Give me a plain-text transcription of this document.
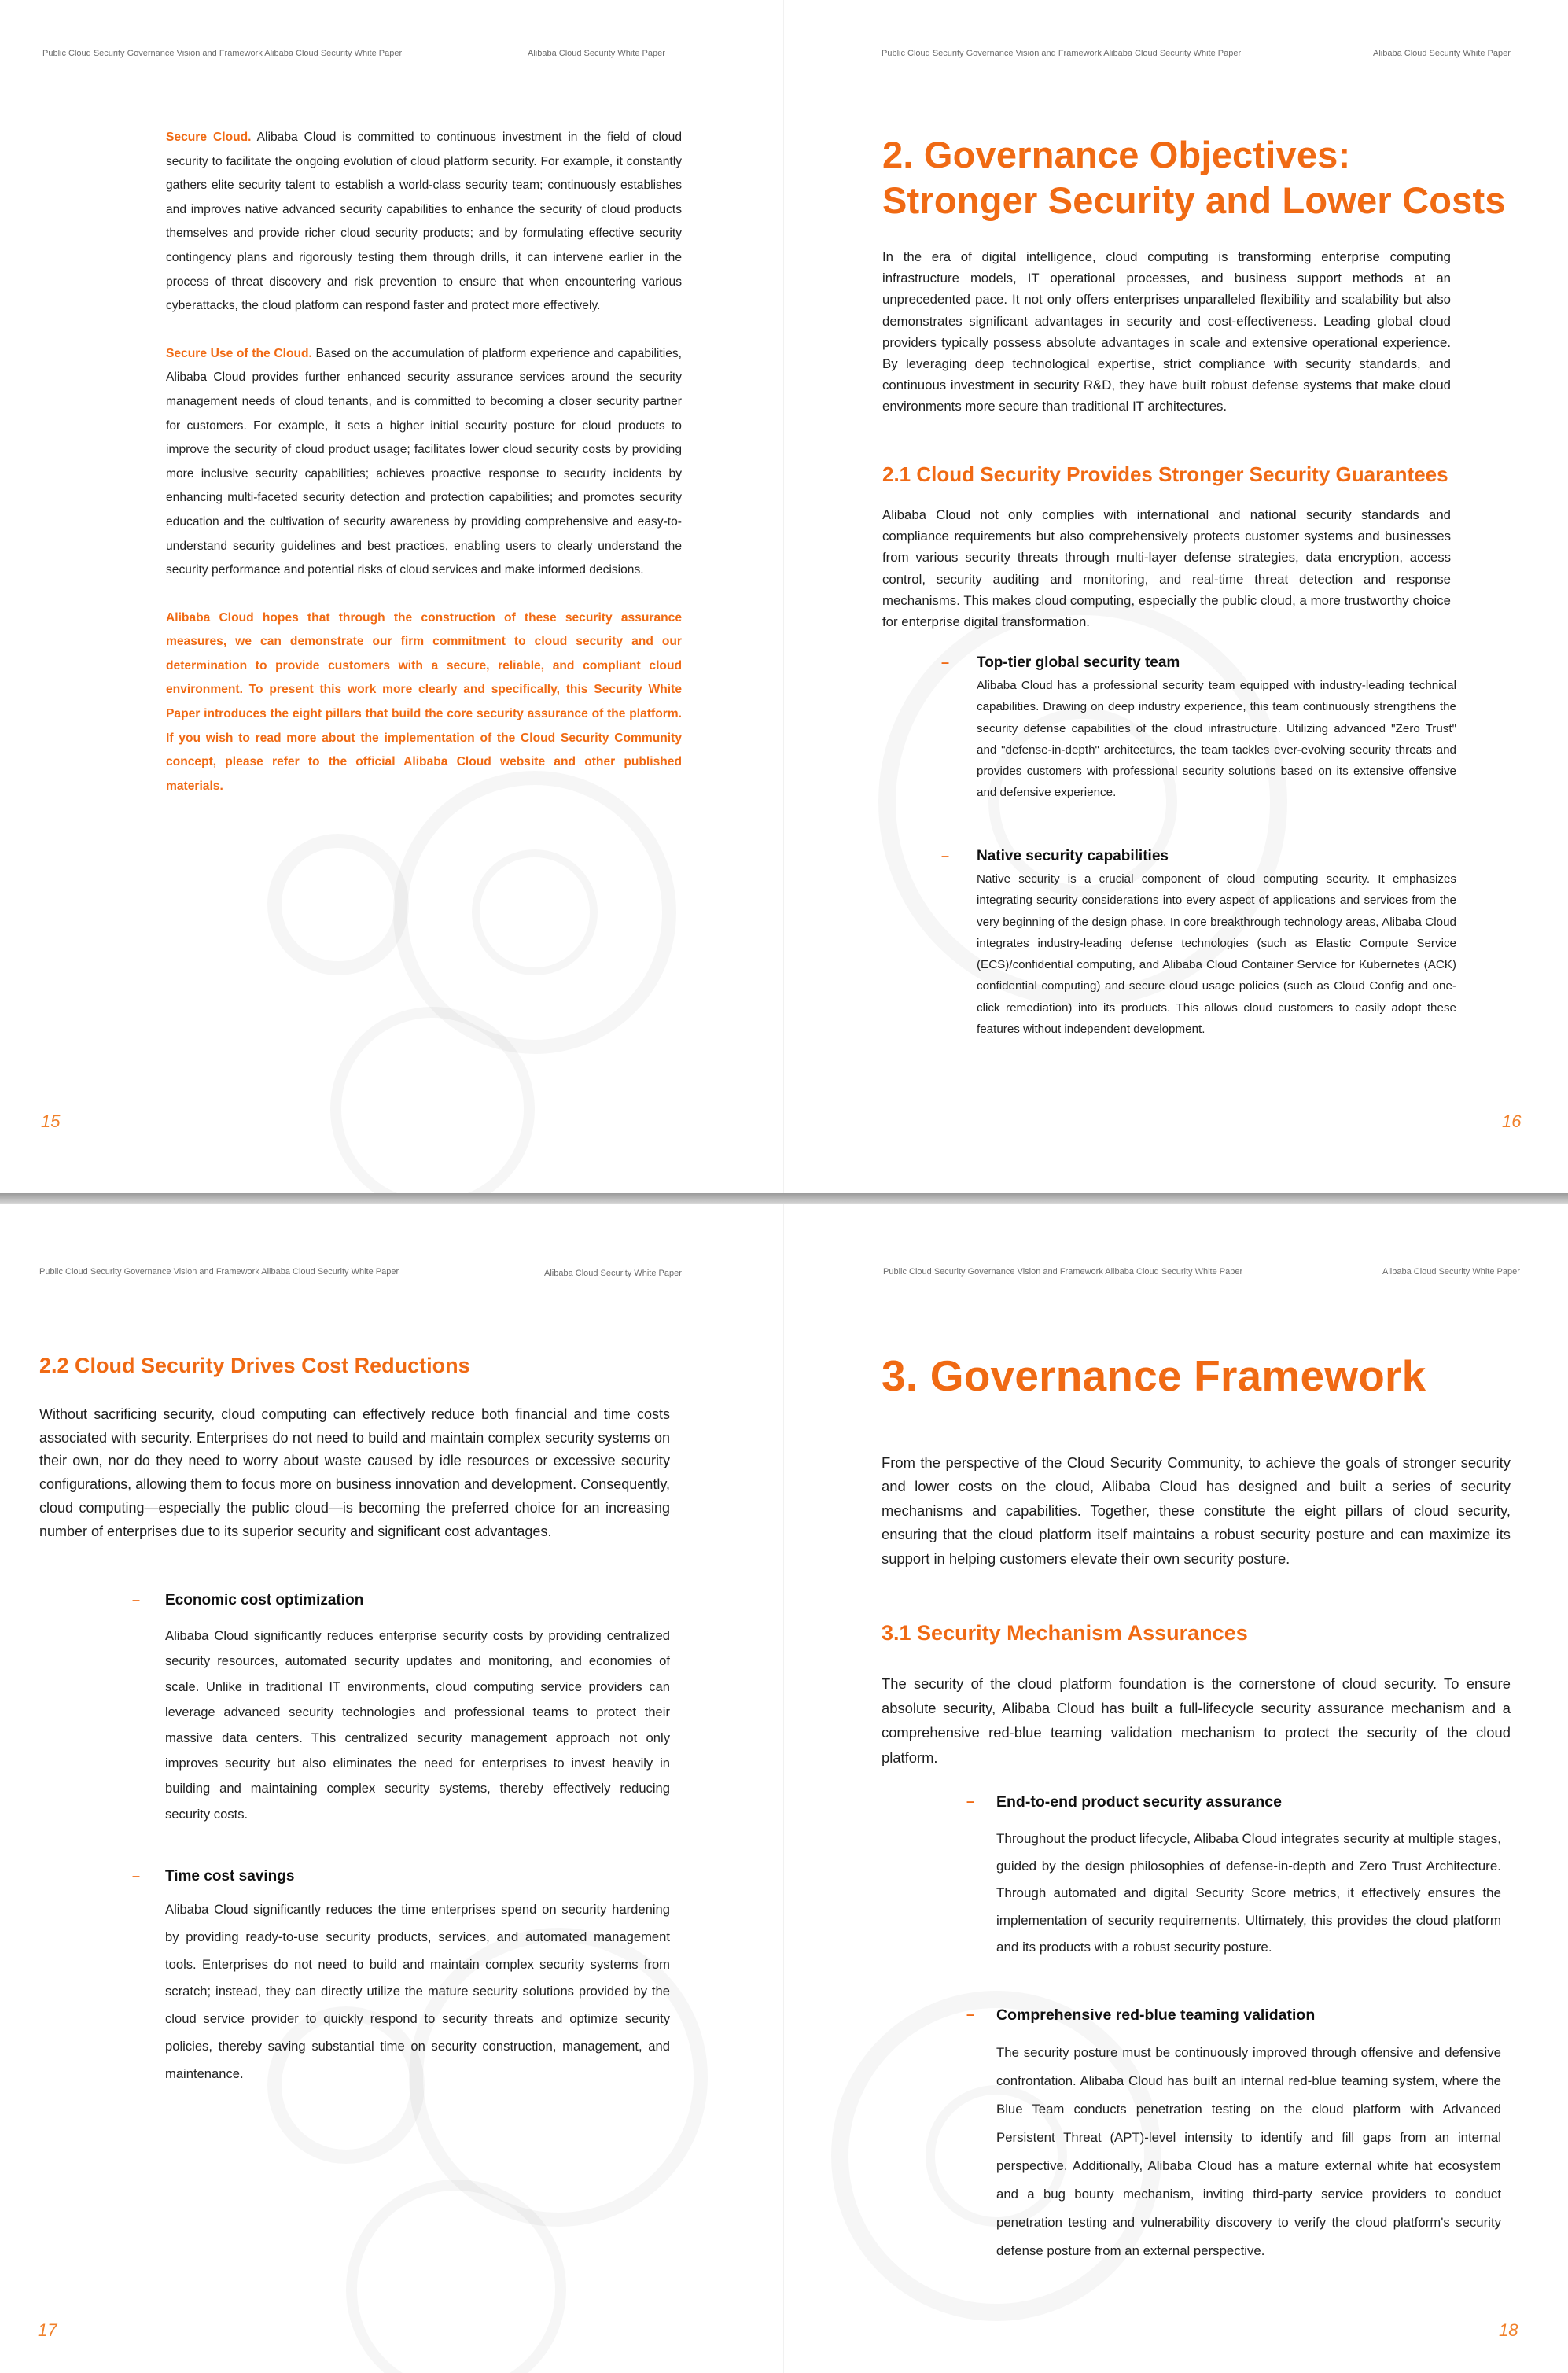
Public Cloud Security Governance Vision and Framework Alibaba Cloud Security White Paper	Alibaba Cloud Security White Paper

Secure Cloud. Alibaba Cloud is committed to continuous investment in the field of cloud security to facilitate the ongoing evolution of cloud platform security. For example, it constantly gathers elite security talent to establish a world-class security team; continuously establishes and improves native advanced security capabilities to enhance the security of cloud products themselves and provide richer cloud security products; and by formulating effective security contingency plans and rigorously testing them through drills, it can intervene earlier in the process of threat discovery and risk prevention to ensure that when encountering various cyberattacks, the cloud platform can respond faster and protect more effectively.

Secure Use of the Cloud. Based on the accumulation of platform experience and capabilities, Alibaba Cloud provides further enhanced security assurance services around the security management needs of cloud tenants, and is committed to becoming a closer security partner for customers. For example, it sets a higher initial security posture for cloud products to improve the security of cloud product usage; facilitates lower cloud security costs by providing more inclusive security capabilities; achieves proactive response to security incidents by enhancing multi-faceted security detection and protection capabilities; and promotes security education and the cultivation of security awareness by providing comprehensive and easy-to-understand security guidelines and best practices, enabling users to clearly understand the security performance and potential risks of cloud services and make informed decisions.

Alibaba Cloud hopes that through the construction of these security assurance measures, we can demonstrate our firm commitment to cloud security and our determination to provide customers with a secure, reliable, and compliant cloud environment. To present this work more clearly and specifically, this Security White Paper introduces the eight pillars that build the core security assurance of the platform. If you wish to read more about the implementation of the Cloud Security Community concept, please refer to the official Alibaba Cloud website and other published materials.

15
Public Cloud Security Governance Vision and Framework Alibaba Cloud Security White Paper	Alibaba Cloud Security White Paper
2. Governance Objectives:
Stronger Security and Lower Costs
In the era of digital intelligence, cloud computing is transforming enterprise computing infrastructure models, IT operational processes, and business support methods at an unprecedented pace. It not only offers enterprises unparalleled flexibility and scalability but also demonstrates significant advantages in security and cost-effectiveness. Leading global cloud providers typically possess absolute advantages in scale and extensive operational experience. By leveraging deep technological expertise, strict compliance with security standards, and continuous investment in security R&D, they have built robust defense systems that make cloud environments more secure than traditional IT architectures.
2.1 Cloud Security Provides Stronger Security Guarantees
Alibaba Cloud not only complies with international and national security standards and compliance requirements but also comprehensively protects customer systems and businesses from various security threats through multi-layer defense strategies, data encryption, access control, security auditing and monitoring, and real-time threat detection and response mechanisms. This makes cloud computing, especially the public cloud, a more trustworthy choice for enterprise digital transformation.
– Top-tier global security team
Alibaba Cloud has a professional security team equipped with industry-leading technical capabilities. Drawing on deep industry experience, this team continuously strengthens the security defense capabilities of the cloud infrastructure. Utilizing advanced "Zero Trust" and "defense-in-depth" architectures, the team tackles ever-evolving security threats and provides customers with professional security solutions based on its extensive offensive and defensive experience.
– Native security capabilities
Native security is a crucial component of cloud computing security. It emphasizes integrating security considerations into every aspect of applications and services from the very beginning of the design phase. In core breakthrough technology areas, Alibaba Cloud integrates industry-leading defense technologies (such as Elastic Compute Service (ECS)/confidential computing, and Alibaba Cloud Container Service for Kubernetes (ACK) confidential computing) and secure cloud usage policies (such as Cloud Config and one-click remediation) into its products. This allows cloud customers to easily adopt these features without independent development.
16
Public Cloud Security Governance Vision and Framework Alibaba Cloud Security White Paper	Alibaba Cloud Security White Paper
2.2 Cloud Security Drives Cost Reductions
Without sacrificing security, cloud computing can effectively reduce both financial and time costs associated with security. Enterprises do not need to build and maintain complex security systems on their own, nor do they need to worry about waste caused by idle resources or excessive security configurations, allowing them to focus more on business innovation and development. Consequently, cloud computing—especially the public cloud—is becoming the preferred choice for an increasing number of enterprises due to its superior security and significant cost advantages.
– Economic cost optimization
Alibaba Cloud significantly reduces enterprise security costs by providing centralized security resources, automated security updates and monitoring, and economies of scale. Unlike in traditional IT environments, cloud computing service providers can leverage advanced security technologies and professional teams to protect their massive data centers. This centralized security management approach not only improves security but also eliminates the need for enterprises to invest heavily in building and maintaining complex security systems, thereby effectively reducing security costs.
– Time cost savings
Alibaba Cloud significantly reduces the time enterprises spend on security hardening by providing ready-to-use security products, services, and automated management tools. Enterprises do not need to build and maintain complex security systems from scratch; instead, they can directly utilize the mature security solutions provided by the cloud service provider to quickly respond to security threats and optimize security policies, thereby saving substantial time on security construction, management, and maintenance.
17
Public Cloud Security Governance Vision and Framework Alibaba Cloud Security White Paper	Alibaba Cloud Security White Paper
3. Governance Framework
From the perspective of the Cloud Security Community, to achieve the goals of stronger security and lower costs on the cloud, Alibaba Cloud has designed and built a series of security mechanisms and capabilities. Together, these constitute the eight pillars of cloud security, ensuring that the cloud platform itself maintains a robust security posture and can maximize its support in helping customers elevate their own security posture.
3.1 Security Mechanism Assurances
The security of the cloud platform foundation is the cornerstone of cloud security. To ensure absolute security, Alibaba Cloud has built a full-lifecycle security assurance mechanism and a comprehensive red-blue teaming validation mechanism to protect the security of the cloud platform.
– End-to-end product security assurance
Throughout the product lifecycle, Alibaba Cloud integrates security at multiple stages, guided by the design philosophies of defense-in-depth and Zero Trust Architecture. Through automated and digital Security Score metrics, it effectively ensures the implementation of security requirements. Ultimately, this provides the cloud platform and its products with a robust security posture.
– Comprehensive red-blue teaming validation
The security posture must be continuously improved through offensive and defensive confrontation. Alibaba Cloud has built an internal red-blue teaming system, where the Blue Team conducts penetration testing on the cloud platform with Advanced Persistent Threat (APT)-level intensity to identify and fill gaps from an internal perspective. Additionally, Alibaba Cloud has a mature external white hat ecosystem and a bug bounty mechanism, inviting third-party service providers to conduct penetration testing and vulnerability discovery to verify the cloud platform's security defense posture from an external perspective.
18
